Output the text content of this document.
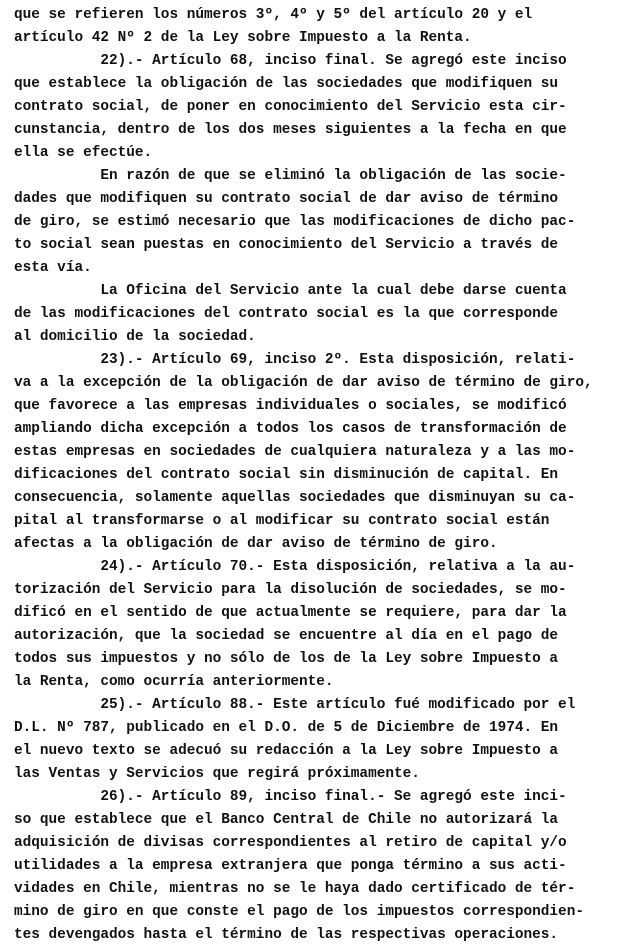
que se refieren los números 3º, 4º y 5º del artículo 20 y el
artículo 42 Nº 2 de la Ley sobre Impuesto a la Renta.
22).- Artículo 68, inciso final. Se agregó este inciso
que establece la obligación de las sociedades que modifiquen su
contrato social, de poner en conocimiento del Servicio esta cir-
cunstancia, dentro de los dos meses siguientes a la fecha en que
ella se efectúe.
En razón de que se eliminó la obligación de las socie-
dades que modifiquen su contrato social de dar aviso de término
de giro, se estimó necesario que las modificaciones de dicho pac-
to social sean puestas en conocimiento del Servicio a través de
esta vía.
La Oficina del Servicio ante la cual debe darse cuenta
de las modificaciones del contrato social es la que corresponde
al domicilio de la sociedad.
23).- Artículo 69, inciso 2º. Esta disposición, relati-
va a la excepción de la obligación de dar aviso de término de giro,
que favorece a las empresas individuales o sociales, se modificó
ampliando dicha excepción a todos los casos de transformación de
estas empresas en sociedades de cualquiera naturaleza y a las mo-
dificaciones del contrato social sin disminución de capital. En
consecuencia, solamente aquellas sociedades que disminuyan su ca-
pital al transformarse o al modificar su contrato social están
afectas a la obligación de dar aviso de término de giro.
24).- Artículo 70.- Esta disposición, relativa a la au-
torización del Servicio para la disolución de sociedades, se mo-
dificó en el sentido de que actualmente se requiere, para dar la
autorización, que la sociedad se encuentre al día en el pago de
todos sus impuestos y no sólo de los de la Ley sobre Impuesto a
la Renta, como ocurría anteriormente.
25).- Artículo 88.- Este artículo fué modificado por el
D.L. Nº 787, publicado en el D.O. de 5 de Diciembre de 1974. En
el nuevo texto se adecuó su redacción a la Ley sobre Impuesto a
las Ventas y Servicios que regirá próximamente.
26).- Artículo 89, inciso final.- Se agregó este inci-
so que establece que el Banco Central de Chile no autorizará la
adquisición de divisas correspondientes al retiro de capital y/o
utilidades a la empresa extranjera que ponga término a sus acti-
vidades en Chile, mientras no se le haya dado certificado de tér-
mino de giro en que conste el pago de los impuestos correspondien-
tes devengados hasta el término de las respectivas operaciones.
